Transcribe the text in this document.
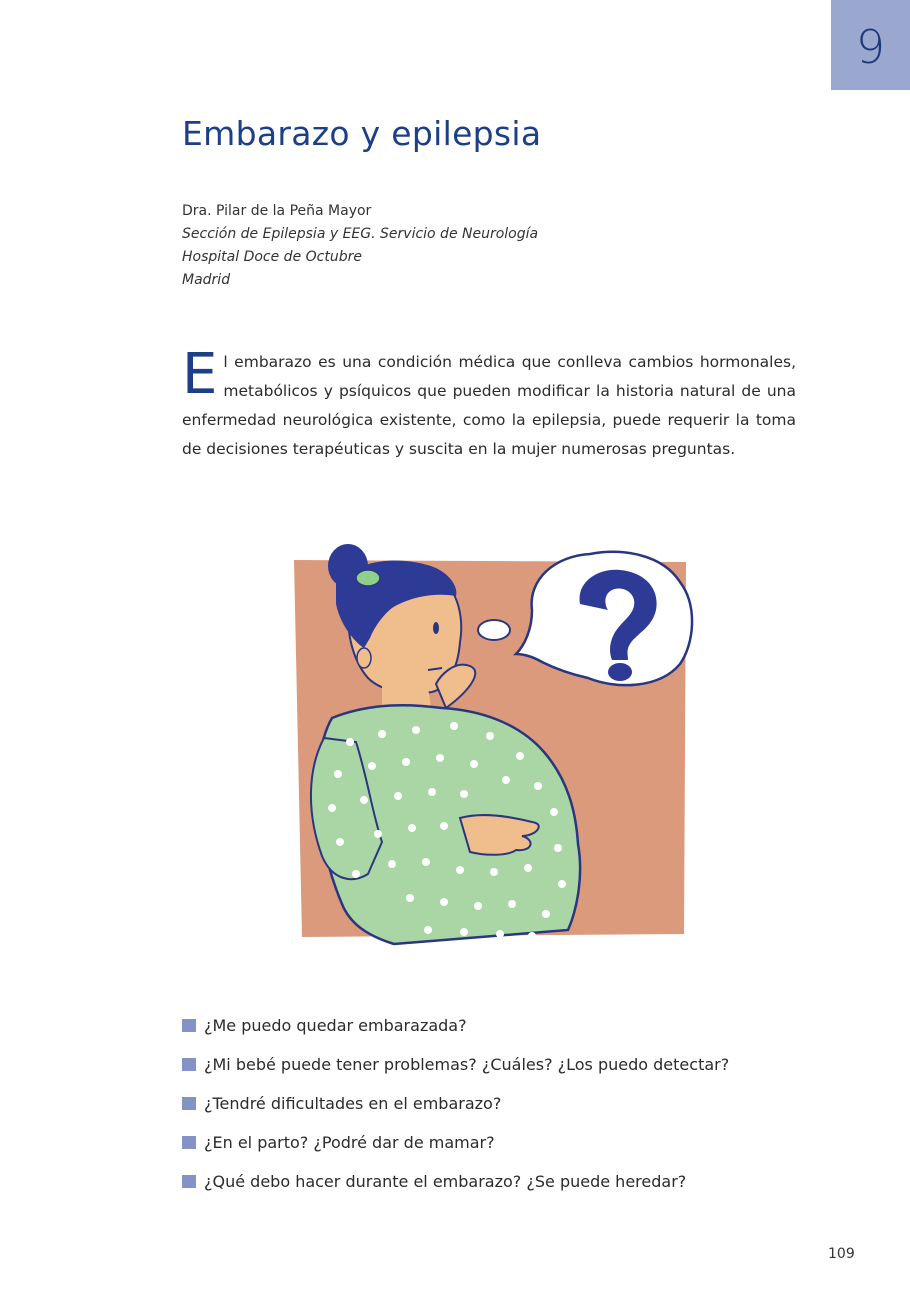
9
Embarazo y epilepsia
Dra. Pilar de la Peña Mayor
Sección de Epilepsia y EEG. Servicio de Neurología
Hospital Doce de Octubre
Madrid
El embarazo es una condición médica que conlleva cambios hormonales, metabólicos y psíquicos que pueden modificar la historia natural de una enfermedad neurológica existente, como la epilepsia, puede requerir la toma de decisiones terapéuticas y suscita en la mujer numerosas preguntas.
¿Me puedo quedar embarazada?
¿Mi bebé puede tener problemas? ¿Cuáles? ¿Los puedo detectar?
¿Tendré dificultades en el embarazo?
¿En el parto? ¿Podré dar de mamar?
¿Qué debo hacer durante el embarazo? ¿Se puede heredar?
109
